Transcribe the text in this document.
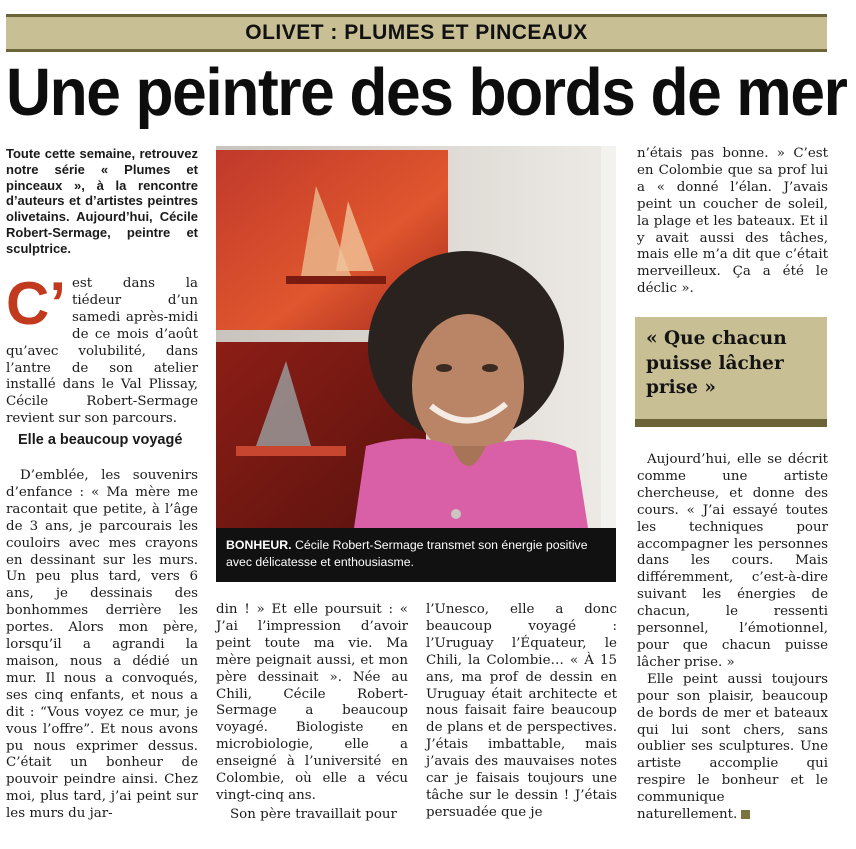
OLIVET : PLUMES ET PINCEAUX
Une peintre des bords de mer

Toute cette semaine, retrouvez notre série « Plumes et pinceaux », à la rencontre d’auteurs et d’artistes peintres olivetains. Aujourd’hui, Cécile Robert-Sermage, peintre et sculptrice.

C’ est dans la tiédeur d’un samedi après-midi de ce mois d’août qu’avec volubilité, dans l’antre de son atelier installé dans le Val Plissay, Cécile Robert-Sermage revient sur son parcours.

Elle a beaucoup voyagé

D’emblée, les souvenirs d’enfance : « Ma mère me racontait que petite, à l’âge de 3 ans, je parcourais les couloirs avec mes crayons en dessinant sur les murs. Un peu plus tard, vers 6 ans, je dessinais des bonhommes derrière les portes. Alors mon père, lorsqu’il a agrandi la maison, nous a dédié un mur. Il nous a convoqués, ses cinq enfants, et nous a dit : “Vous voyez ce mur, je vous l’offre”. Et nous avons pu nous exprimer dessus. C’était un bonheur de pouvoir peindre ainsi. Chez moi, plus tard, j’ai peint sur les murs du jar-

BONHEUR. Cécile Robert-Sermage transmet son énergie positive avec délicatesse et enthousiasme.

din ! » Et elle poursuit : « J’ai l’impression d’avoir peint toute ma vie. Ma mère peignait aussi, et mon père dessinait ». Née au Chili, Cécile Robert-Sermage a beaucoup voyagé. Biologiste en microbiologie, elle a enseigné à l’université en Colombie, où elle a vécu vingt-cinq ans.

Son père travaillait pour

l’Unesco, elle a donc beaucoup voyagé : l’Uruguay l’Équateur, le Chili, la Colombie… « À 15 ans, ma prof de dessin en Uruguay était architecte et nous faisait faire beaucoup de plans et de perspectives. J’étais imbattable, mais j’avais des mauvaises notes car je faisais toujours une tâche sur le dessin ! J’étais persuadée que je

n’étais pas bonne. » C’est en Colombie que sa prof lui a « donné l’élan. J’avais peint un coucher de soleil, la plage et les bateaux. Et il y avait aussi des tâches, mais elle m’a dit que c’était merveilleux. Ça a été le déclic ».

« Que chacun puisse lâcher prise »

Aujourd’hui, elle se décrit comme une artiste chercheuse, et donne des cours. « J’ai essayé toutes les techniques pour accompagner les personnes dans les cours. Mais différemment, c’est-à-dire suivant les énergies de chacun, le ressenti personnel, l’émotionnel, pour que chacun puisse lâcher prise. »

Elle peint aussi toujours pour son plaisir, beaucoup de bords de mer et bateaux qui lui sont chers, sans oublier ses sculptures. Une artiste accomplie qui respire le bonheur et le communique naturellement.
